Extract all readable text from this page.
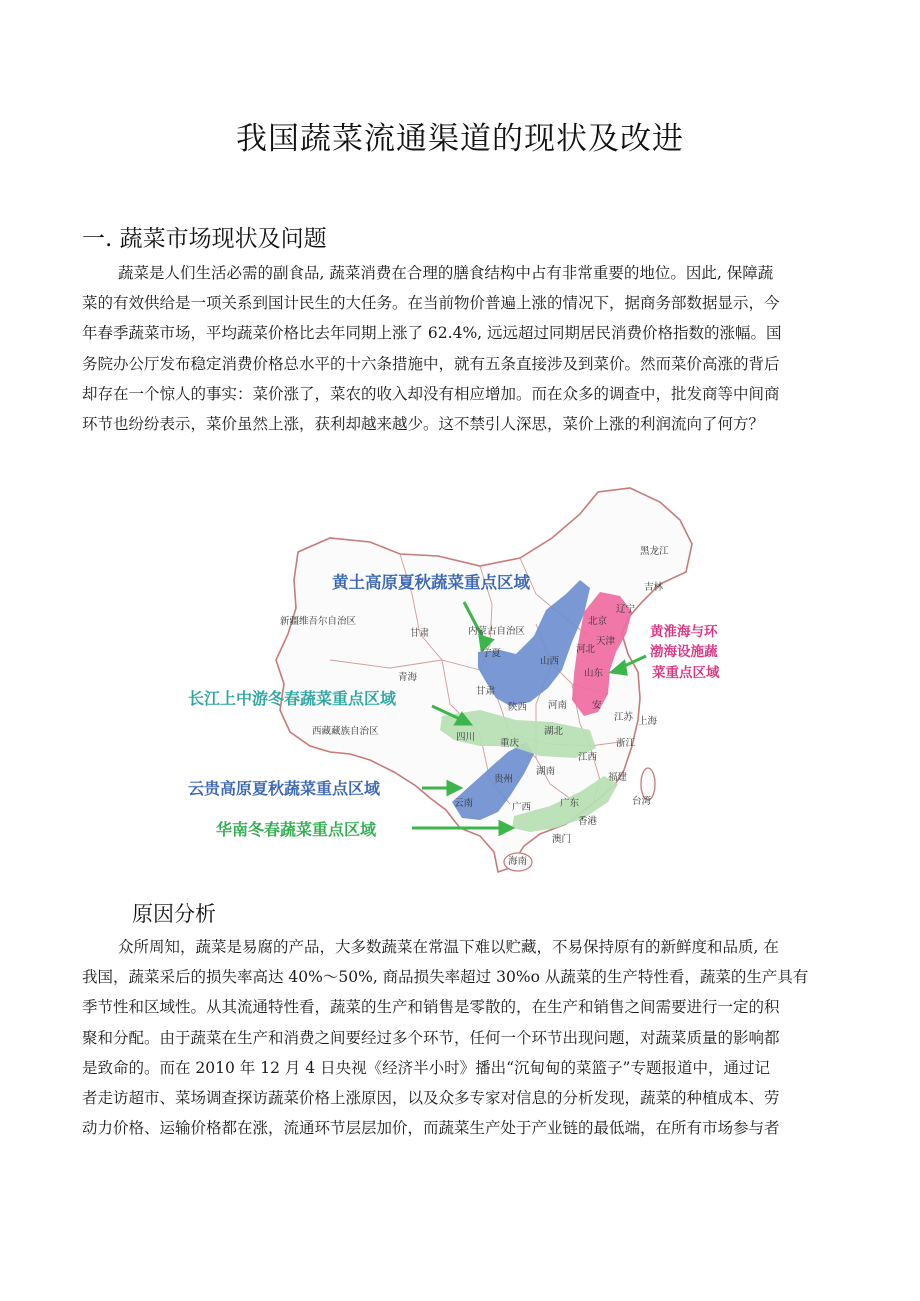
我国蔬菜流通渠道的现状及改进
一. 蔬菜市场现状及问题
蔬菜是人们生活必需的副食品, 蔬菜消费在合理的膳食结构中占有非常重要的地位。因此, 保障蔬
菜的有效供给是一项关系到国计民生的大任务。在当前物价普遍上涨的情况下，据商务部数据显示，今
年春季蔬菜市场，平均蔬菜价格比去年同期上涨了 62.4%, 远远超过同期居民消费价格指数的涨幅。国
务院办公厅发布稳定消费价格总水平的十六条措施中，就有五条直接涉及到菜价。然而菜价高涨的背后
却存在一个惊人的事实：菜价涨了，菜农的收入却没有相应增加。而在众多的调查中，批发商等中间商
环节也纷纷表示，菜价虽然上涨，获利却越来越少。这不禁引人深思，菜价上涨的利润流向了何方？
黄土高原夏秋蔬菜重点区域
长江上中游冬春蔬菜重点区域
云贵高原夏秋蔬菜重点区域
华南冬春蔬菜重点区域
黄淮海与环
渤海设施蔬
菜重点区域
黑龙江
吉林
辽宁
新疆维吾尔自治区
甘肃	内蒙古自治区
北京
天津
宁夏
山西
河北
山东
青海
甘肃
陕西 河南	安
江苏 上海
西藏藏族自治区
四川
重庆
湖北
浙江
江西
湖南
贵州	福建
云南	广西	广东	台湾
香港
澳门
海南
原因分析
众所周知，蔬菜是易腐的产品，大多数蔬菜在常温下难以贮藏，不易保持原有的新鲜度和品质, 在
我国，蔬菜采后的损失率高达 40%～50%, 商品损失率超过 30%o 从蔬菜的生产特性看，蔬菜的生产具有
季节性和区域性。从其流通特性看，蔬菜的生产和销售是零散的，在生产和销售之间需要进行一定的积
聚和分配。由于蔬菜在生产和消费之间要经过多个环节，任何一个环节出现问题，对蔬菜质量的影响都
是致命的。而在 2010 年 12 月 4 日央视《经济半小时》播出“沉甸甸的菜篮子”专题报道中，通过记
者走访超市、菜场调查探访蔬菜价格上涨原因，以及众多专家对信息的分析发现，蔬菜的种植成本、劳
动力价格、运输价格都在涨，流通环节层层加价，而蔬菜生产处于产业链的最低端，在所有市场参与者
